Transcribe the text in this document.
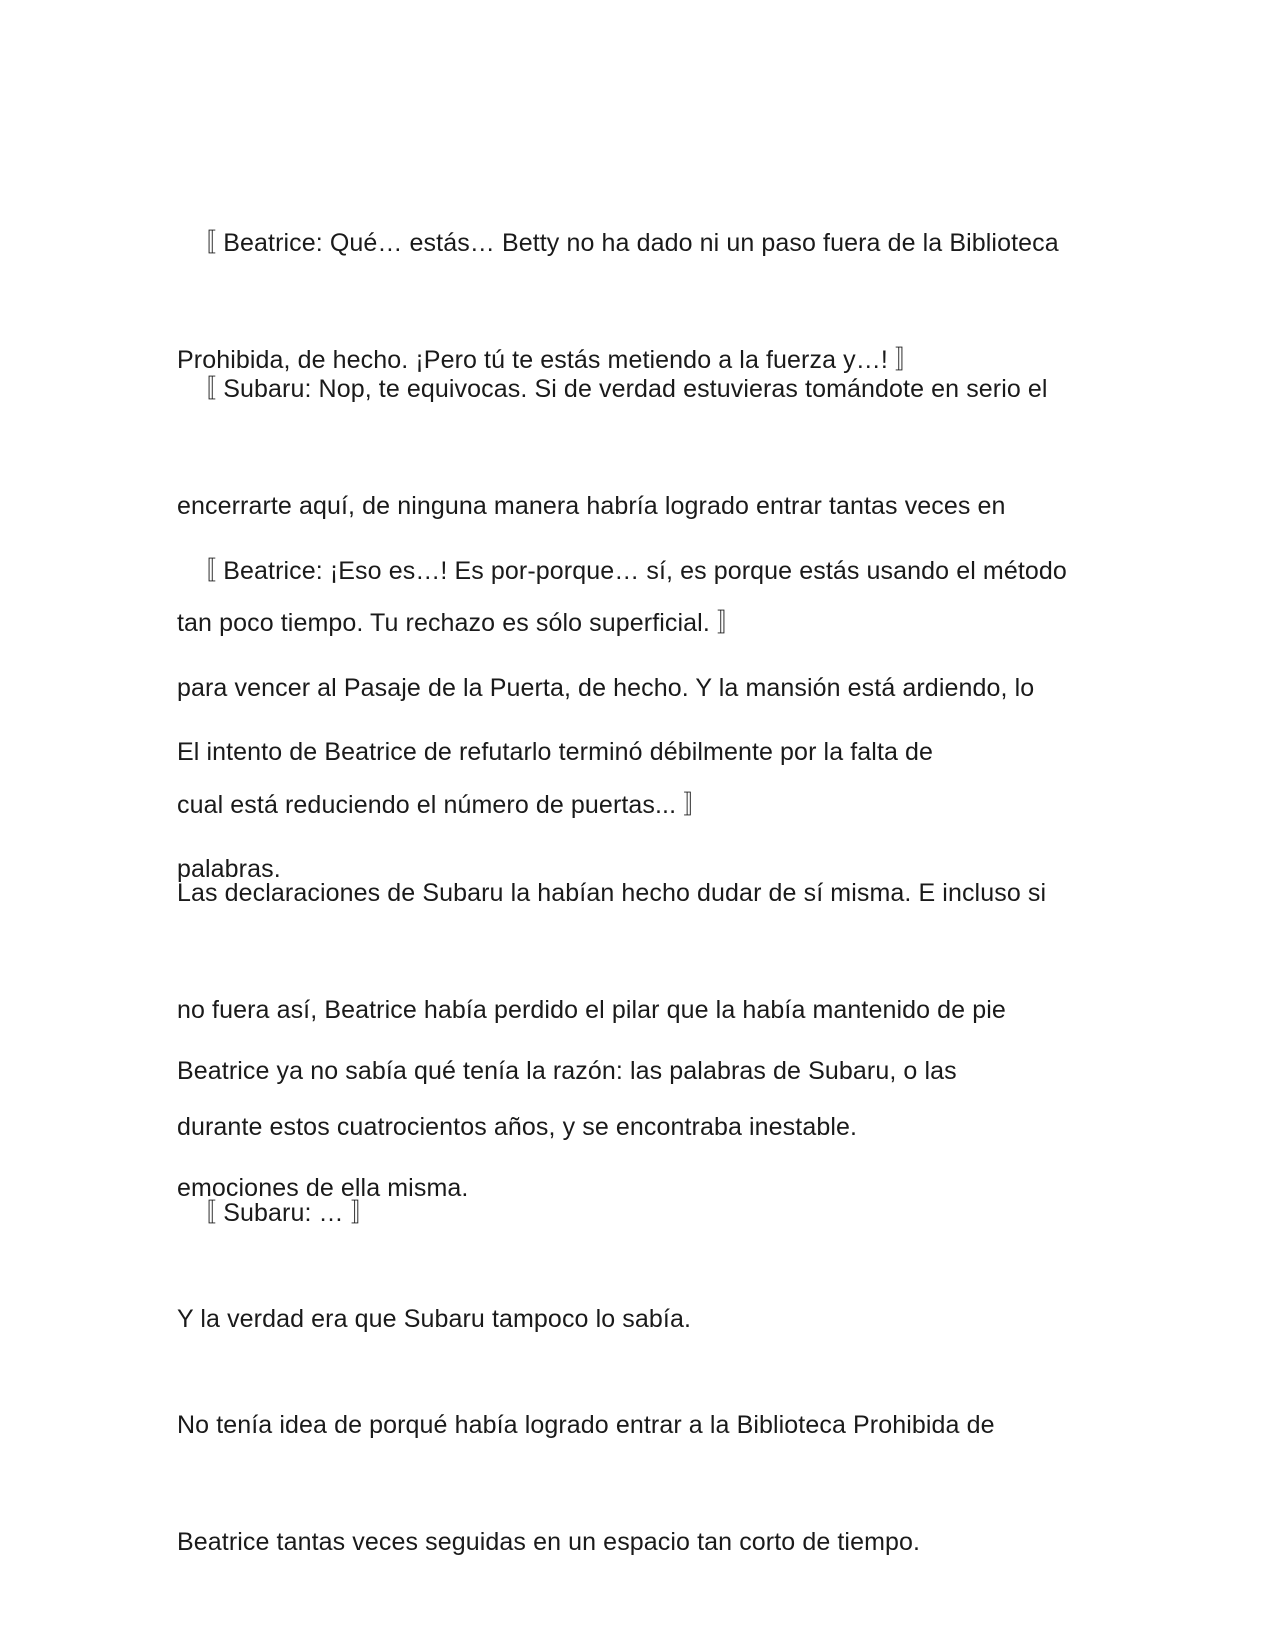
〚 Beatrice: Qué… estás… Betty no ha dado ni un paso fuera de la Biblioteca

Prohibida, de hecho. ¡Pero tú te estás metiendo a la fuerza y…! 〛

〚 Subaru: Nop, te equivocas. Si de verdad estuvieras tomándote en serio el

encerrarte aquí, de ninguna manera habría logrado entrar tantas veces en

tan poco tiempo. Tu rechazo es sólo superficial. 〛

〚 Beatrice: ¡Eso es…! Es por-porque… sí, es porque estás usando el método

para vencer al Pasaje de la Puerta, de hecho. Y la mansión está ardiendo, lo

cual está reduciendo el número de puertas... 〛

El intento de Beatrice de refutarlo terminó débilmente por la falta de

palabras.

Las declaraciones de Subaru la habían hecho dudar de sí misma. E incluso si

no fuera así, Beatrice había perdido el pilar que la había mantenido de pie

durante estos cuatrocientos años, y se encontraba inestable.

Beatrice ya no sabía qué tenía la razón: las palabras de Subaru, o las

emociones de ella misma.

〚 Subaru: … 〛

Y la verdad era que Subaru tampoco lo sabía.

No tenía idea de porqué había logrado entrar a la Biblioteca Prohibida de

Beatrice tantas veces seguidas en un espacio tan corto de tiempo.
